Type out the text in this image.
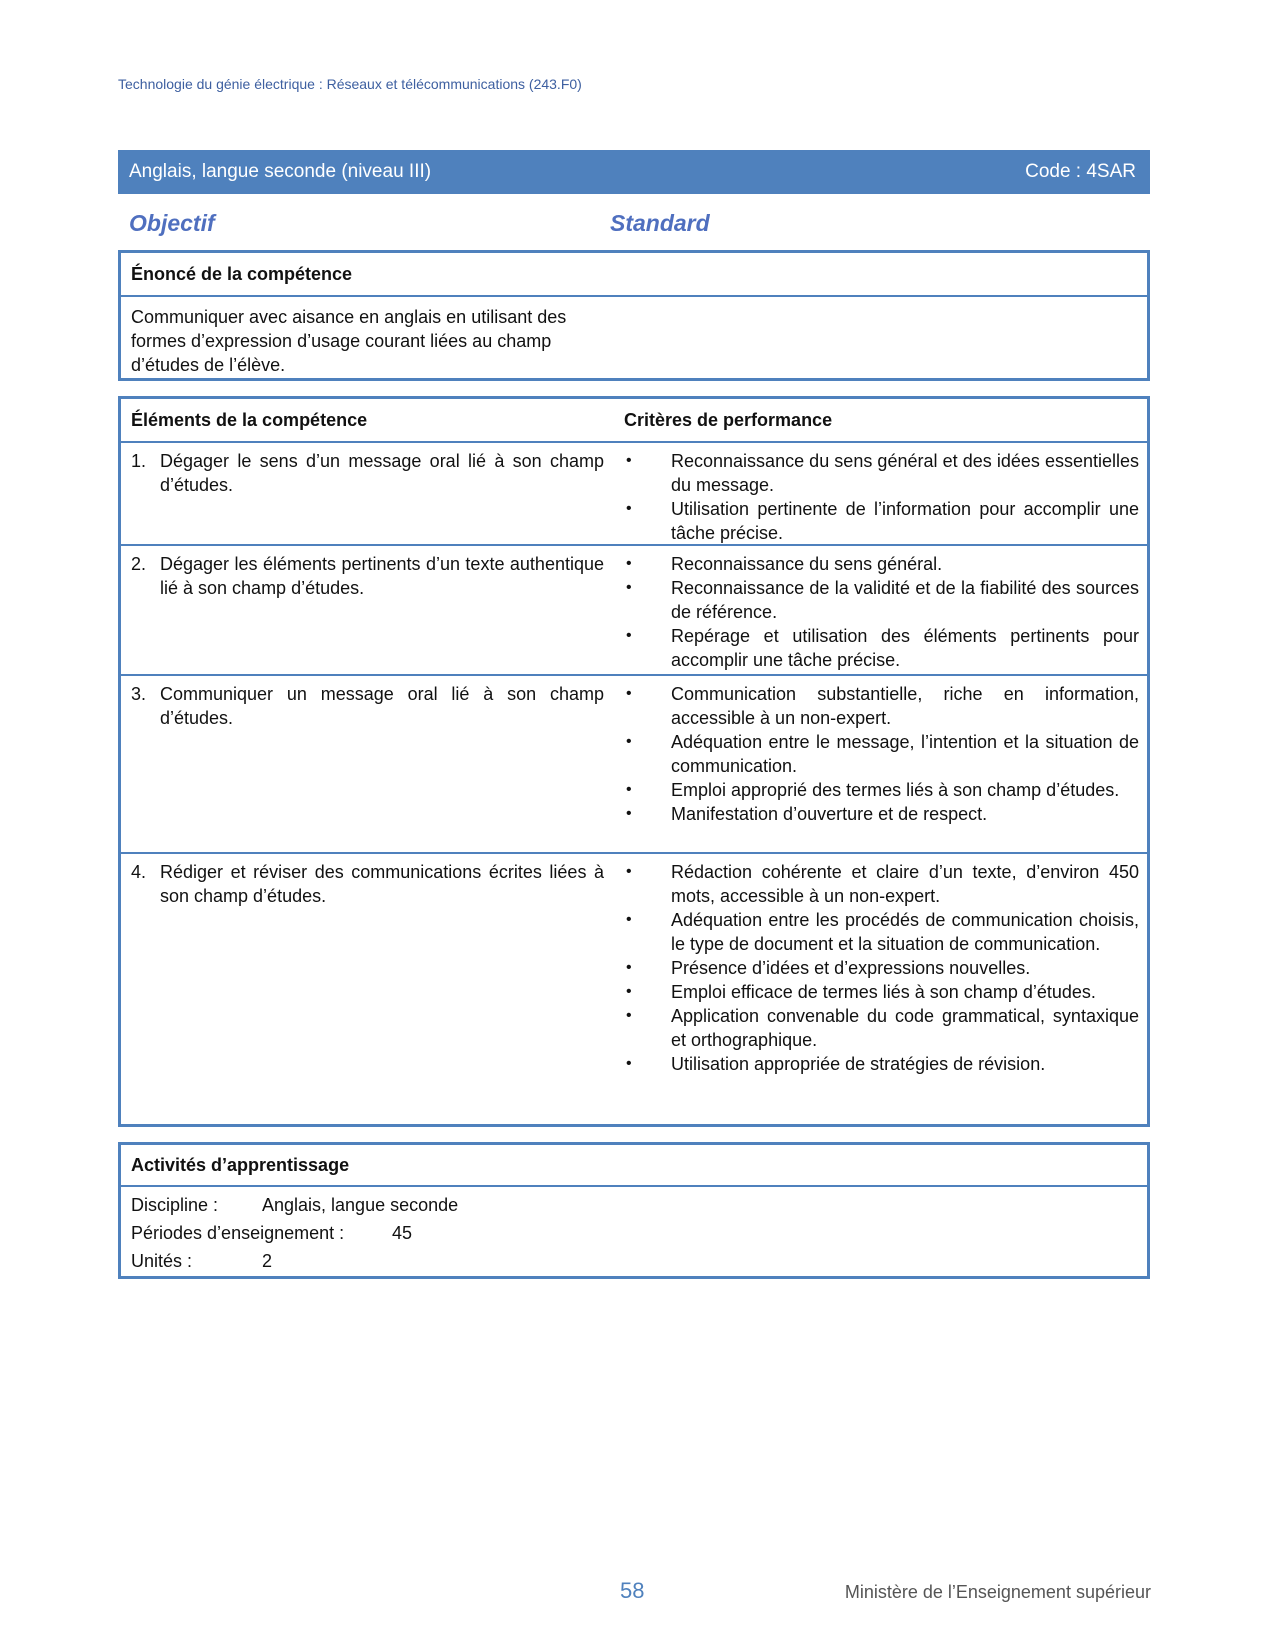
Technologie du génie électrique : Réseaux et télécommunications (243.F0)
Anglais, langue seconde (niveau III)	Code : 4SAR
Objectif	Standard
Énoncé de la compétence
Communiquer avec aisance en anglais en utilisant des formes d’expression d’usage courant liées au champ d’études de l’élève.
Éléments de la compétence	Critères de performance
1. Dégager le sens d’un message oral lié à son champ d’études.
•	Reconnaissance du sens général et des idées essentielles du message.
•	Utilisation pertinente de l’information pour accomplir une tâche précise.
2. Dégager les éléments pertinents d’un texte authentique lié à son champ d’études.
•	Reconnaissance du sens général.
•	Reconnaissance de la validité et de la fiabilité des sources de référence.
•	Repérage et utilisation des éléments pertinents pour accomplir une tâche précise.
3. Communiquer un message oral lié à son champ d’études.
•	Communication substantielle, riche en information, accessible à un non-expert.
•	Adéquation entre le message, l’intention et la situation de communication.
•	Emploi approprié des termes liés à son champ d’études.
•	Manifestation d’ouverture et de respect.
4. Rédiger et réviser des communications écrites liées à son champ d’études.
•	Rédaction cohérente et claire d’un texte, d’environ 450 mots, accessible à un non-expert.
•	Adéquation entre les procédés de communication choisis, le type de document et la situation de communication.
•	Présence d’idées et d’expressions nouvelles.
•	Emploi efficace de termes liés à son champ d’études.
•	Application convenable du code grammatical, syntaxique et orthographique.
•	Utilisation appropriée de stratégies de révision.
Activités d’apprentissage
Discipline :	Anglais, langue seconde
Périodes d’enseignement :	45
Unités :	2
58	Ministère de l’Enseignement supérieur
